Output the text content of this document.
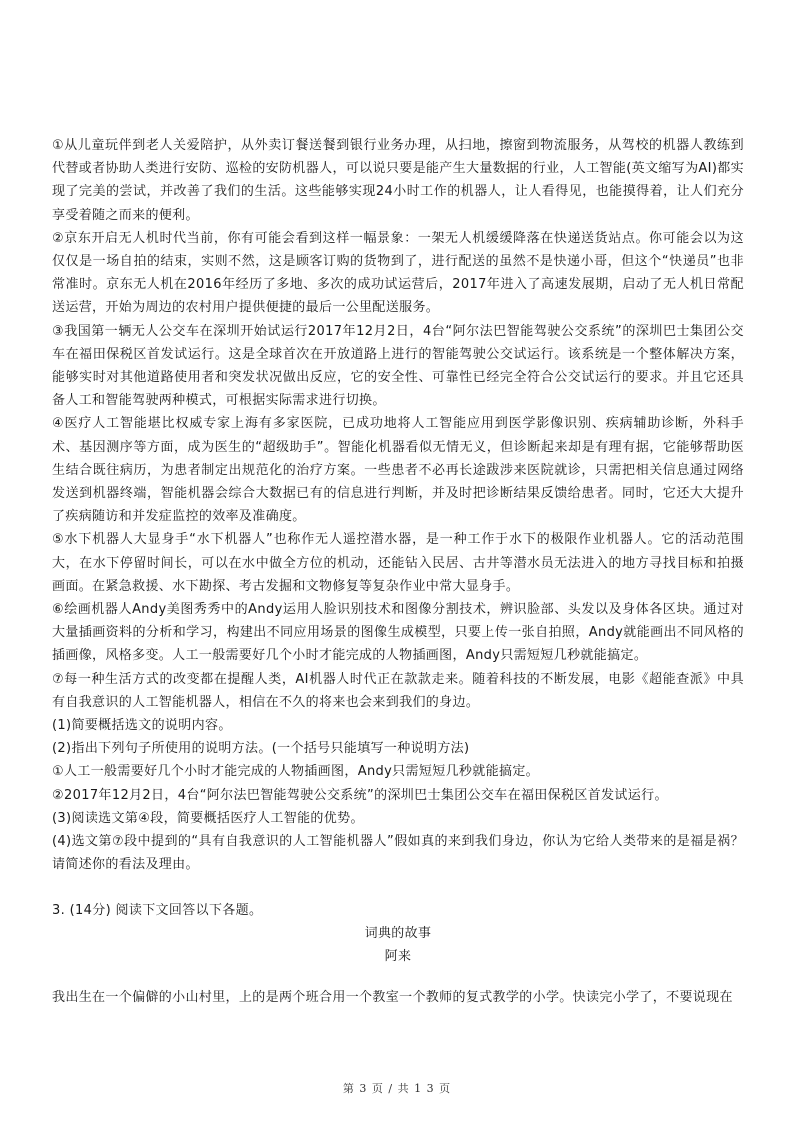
①从儿童玩伴到老人关爱陪护，从外卖订餐送餐到银行业务办理，从扫地，擦窗到物流服务，从驾校的机器人教练到代替或者协助人类进行安防、巡检的安防机器人，可以说只要是能产生大量数据的行业，人工智能(英文缩写为AI)都实现了完美的尝试，并改善了我们的生活。这些能够实现24小时工作的机器人，让人看得见，也能摸得着，让人们充分享受着随之而来的便利。

②京东开启无人机时代当前，你有可能会看到这样一幅景象：一架无人机缓缓降落在快递送货站点。你可能会以为这仅仅是一场自拍的结束，实则不然，这是顾客订购的货物到了，进行配送的虽然不是快递小哥，但这个“快递员”也非常准时。京东无人机在2016年经历了多地、多次的成功试运营后，2017年进入了高速发展期，启动了无人机日常配送运营，开始为周边的农村用户提供便捷的最后一公里配送服务。

③我国第一辆无人公交车在深圳开始试运行2017年12月2日，4台“阿尔法巴智能驾驶公交系统”的深圳巴士集团公交车在福田保税区首发试运行。这是全球首次在开放道路上进行的智能驾驶公交试运行。该系统是一个整体解决方案，能够实时对其他道路使用者和突发状况做出反应，它的安全性、可靠性已经完全符合公交试运行的要求。并且它还具备人工和智能驾驶两种模式，可根据实际需求进行切换。

④医疗人工智能堪比权威专家上海有多家医院，已成功地将人工智能应用到医学影像识别、疾病辅助诊断，外科手术、基因测序等方面，成为医生的“超级助手”。智能化机器看似无情无义，但诊断起来却是有理有据，它能够帮助医生结合既往病历，为患者制定出规范化的治疗方案。一些患者不必再长途跋涉来医院就诊，只需把相关信息通过网络发送到机器终端，智能机器会综合大数据已有的信息进行判断，并及时把诊断结果反馈给患者。同时，它还大大提升了疾病随访和并发症监控的效率及准确度。

⑤水下机器人大显身手“水下机器人”也称作无人遥控潜水器，是一种工作于水下的极限作业机器人。它的活动范围大，在水下停留时间长，可以在水中做全方位的机动，还能钻入民居、古井等潜水员无法进入的地方寻找目标和拍摄画面。在紧急救援、水下勘探、考古发掘和文物修复等复杂作业中常大显身手。

⑥绘画机器人Andy美图秀秀中的Andy运用人脸识别技术和图像分割技术，辨识脸部、头发以及身体各区块。通过对大量插画资料的分析和学习，构建出不同应用场景的图像生成模型，只要上传一张自拍照，Andy就能画出不同风格的插画像，风格多变。人工一般需要好几个小时才能完成的人物插画图，Andy只需短短几秒就能搞定。

⑦每一种生活方式的改变都在提醒人类，AI机器人时代正在款款走来。随着科技的不断发展，电影《超能查派》中具有自我意识的人工智能机器人，相信在不久的将来也会来到我们的身边。

(1)简要概括选文的说明内容。

(2)指出下列句子所使用的说明方法。(一个括号只能填写一种说明方法)

①人工一般需要好几个小时才能完成的人物插画图，Andy只需短短几秒就能搞定。

②2017年12月2日，4台“阿尔法巴智能驾驶公交系统”的深圳巴士集团公交车在福田保税区首发试运行。

(3)阅读选文第④段，简要概括医疗人工智能的优势。

(4)选文第⑦段中提到的“具有自我意识的人工智能机器人”假如真的来到我们身边，你认为它给人类带来的是福是祸？请简述你的看法及理由。

3. (14分) 阅读下文回答以下各题。

词典的故事

阿来

我出生在一个偏僻的小山村里，上的是两个班合用一个教室一个教师的复式教学的小学。快读完小学了，不要说现在

第 3 页 / 共 1 3 页
